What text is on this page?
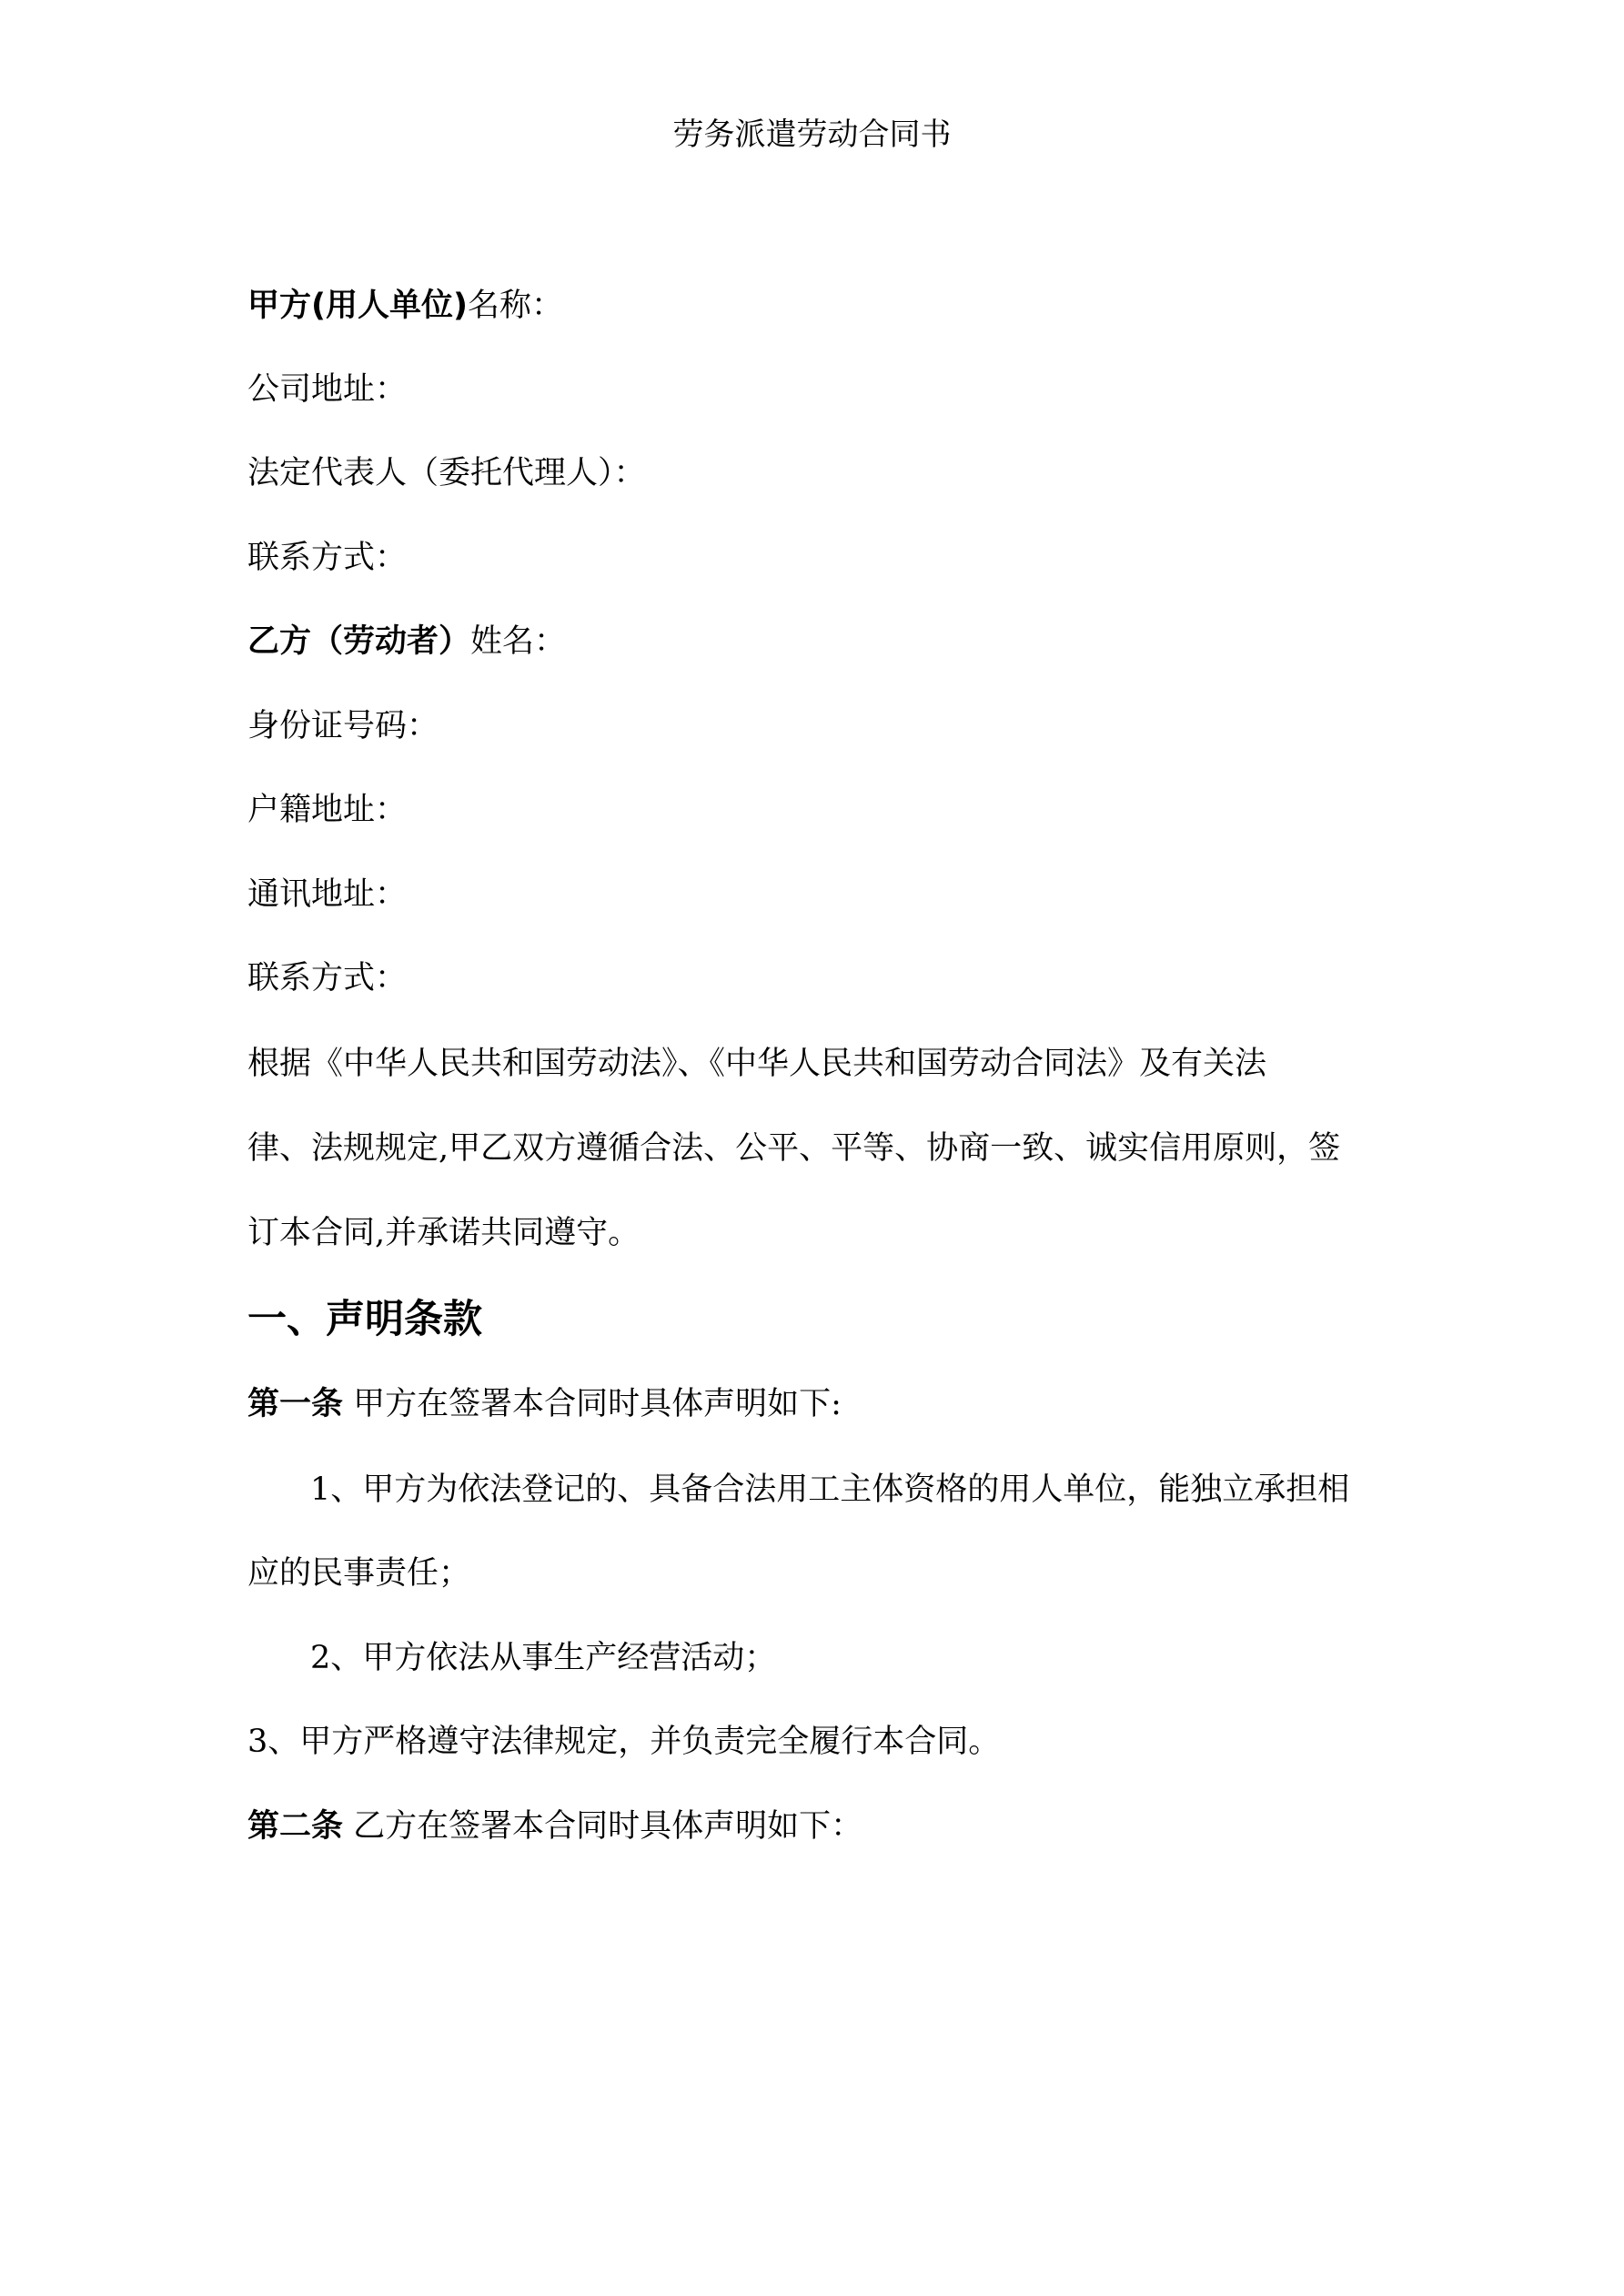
劳务派遣劳动合同书
甲方(用人单位)名称：
公司地址：
法定代表人（委托代理人）：
联系方式：
乙方（劳动者）姓名：
身份证号码：
户籍地址：
通讯地址：
联系方式：
根据《中华人民共和国劳动法》、《中华人民共和国劳动合同法》及有关法
律、法规规定,甲乙双方遵循合法、公平、平等、协商一致、诚实信用原则，签
订本合同,并承诺共同遵守。
一、声明条款
第一条 甲方在签署本合同时具体声明如下:
1、甲方为依法登记的、具备合法用工主体资格的用人单位，能独立承担相
应的民事责任；
2、甲方依法从事生产经营活动；
3、甲方严格遵守法律规定，并负责完全履行本合同。
第二条 乙方在签署本合同时具体声明如下：
